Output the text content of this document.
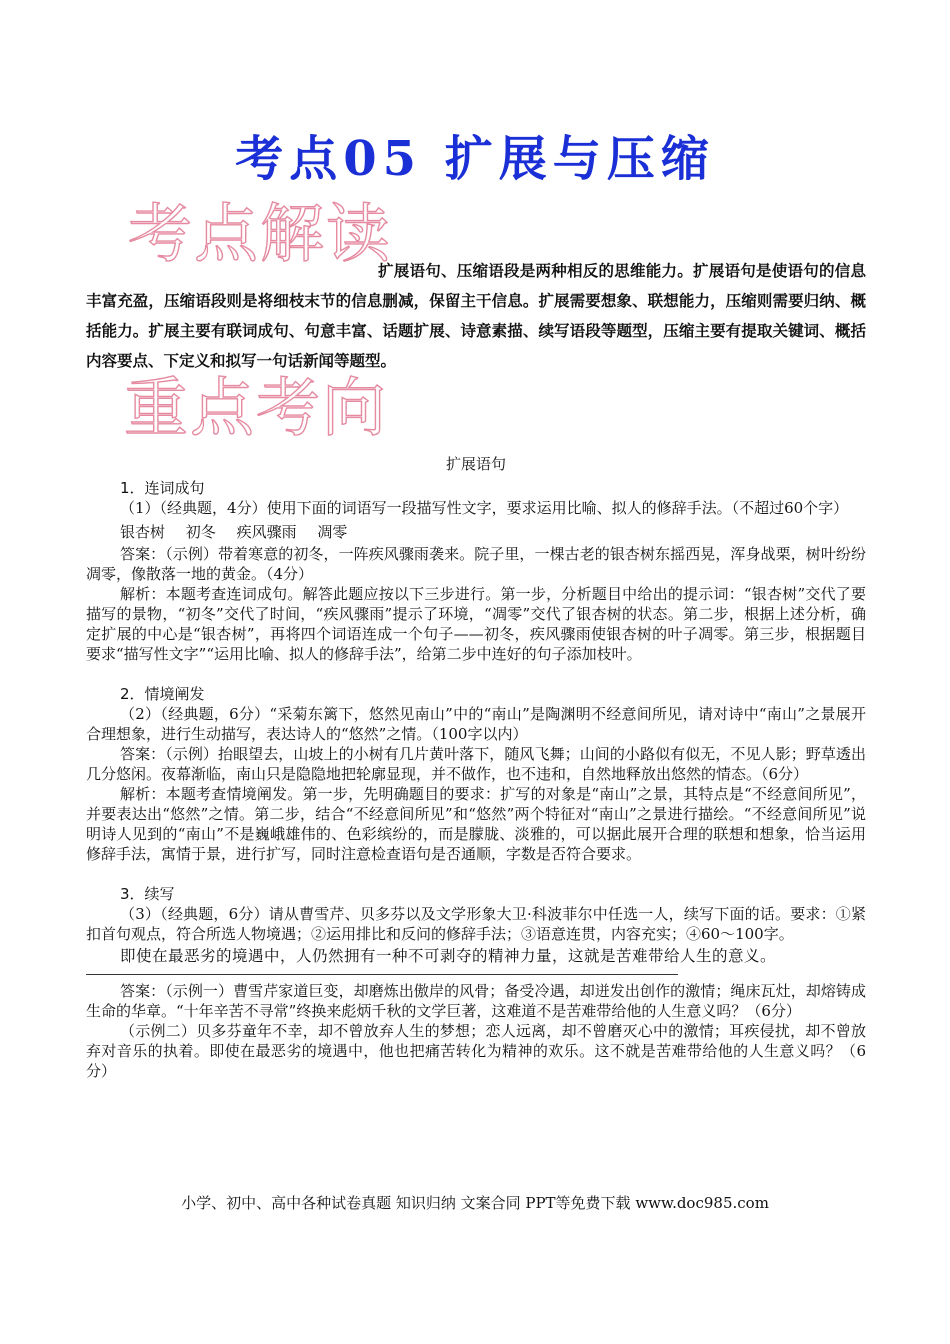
考点05 扩展与压缩
考点解读
扩展语句、压缩语段是两种相反的思维能力。扩展语句是使语句的信息丰富充盈，压缩语段则是将细枝末节的信息删减，保留主干信息。扩展需要想象、联想能力，压缩则需要归纳、概括能力。扩展主要有联词成句、句意丰富、话题扩展、诗意素描、续写语段等题型，压缩主要有提取关键词、概括内容要点、下定义和拟写一句话新闻等题型。
重点考向
扩展语句
1．连词成句

（1）（经典题，4分）使用下面的词语写一段描写性文字，要求运用比喻、拟人的修辞手法。（不超过60个字）

银杏树 初冬 疾风骤雨 凋零

答案：（示例）带着寒意的初冬，一阵疾风骤雨袭来。院子里，一棵古老的银杏树东摇西晃，浑身战栗，树叶纷纷凋零，像散落一地的黄金。（4分）

解析：本题考查连词成句。解答此题应按以下三步进行。第一步，分析题目中给出的提示词：“银杏树”交代了要描写的景物，“初冬”交代了时间，“疾风骤雨”提示了环境，“凋零”交代了银杏树的状态。第二步，根据上述分析，确定扩展的中心是“银杏树”，再将四个词语连成一个句子——初冬，疾风骤雨使银杏树的叶子凋零。第三步，根据题目要求“描写性文字”“运用比喻、拟人的修辞手法”，给第二步中连好的句子添加枝叶。

2．情境阐发

（2）（经典题，6分）“采菊东篱下，悠然见南山”中的“南山”是陶渊明不经意间所见，请对诗中“南山”之景展开合理想象，进行生动描写，表达诗人的“悠然”之情。（100字以内）

答案：（示例）抬眼望去，山坡上的小树有几片黄叶落下，随风飞舞；山间的小路似有似无，不见人影；野草透出几分悠闲。夜幕渐临，南山只是隐隐地把轮廓显现，并不做作，也不违和，自然地释放出悠然的情态。（6分）

解析：本题考查情境阐发。第一步，先明确题目的要求：扩写的对象是“南山”之景，其特点是“不经意间所见”，并要表达出“悠然”之情。第二步，结合“不经意间所见”和“悠然”两个特征对“南山”之景进行描绘。“不经意间所见”说明诗人见到的“南山”不是巍峨雄伟的、色彩缤纷的，而是朦胧、淡雅的，可以据此展开合理的联想和想象，恰当运用修辞手法，寓情于景，进行扩写，同时注意检查语句是否通顺，字数是否符合要求。

3．续写

（3）（经典题，6分）请从曹雪芹、贝多芬以及文学形象大卫·科波菲尔中任选一人，续写下面的话。要求：①紧扣首句观点，符合所选人物境遇；②运用排比和反问的修辞手法；③语意连贯，内容充实；④60～100字。

即使在最恶劣的境遇中，人仍然拥有一种不可剥夺的精神力量，这就是苦难带给人生的意义。

答案：（示例一）曹雪芹家道巨变，却磨炼出傲岸的风骨；备受冷遇，却迸发出创作的激情；绳床瓦灶，却熔铸成生命的华章。“十年辛苦不寻常”终换来彪炳千秋的文学巨著，这难道不是苦难带给他的人生意义吗？（6分）

（示例二）贝多芬童年不幸，却不曾放弃人生的梦想；恋人远离，却不曾磨灭心中的激情；耳疾侵扰，却不曾放弃对音乐的执着。即使在最恶劣的境遇中，他也把痛苦转化为精神的欢乐。这不就是苦难带给他的人生意义吗？（6分）

小学、初中、高中各种试卷真题 知识归纳 文案合同 PPT等免费下载 www.doc985.com
